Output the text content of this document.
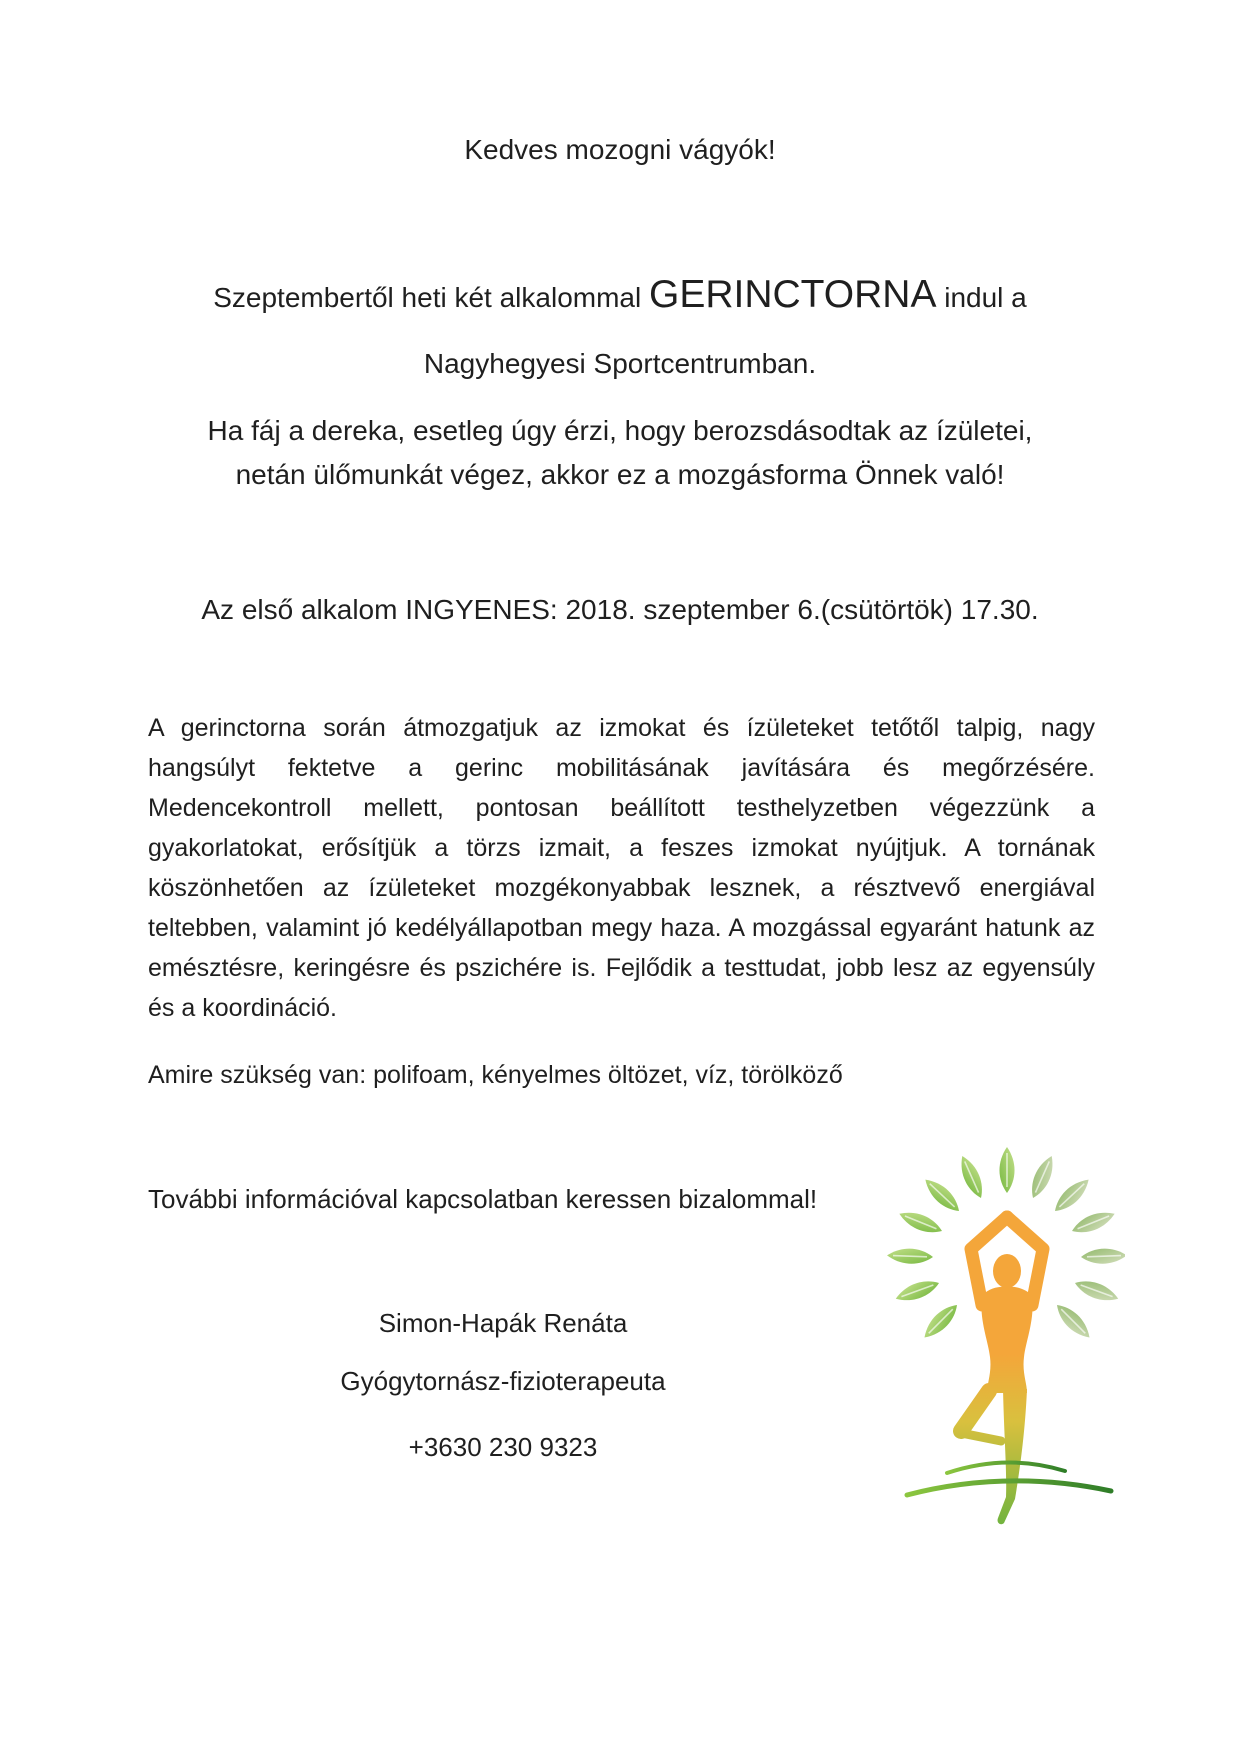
Kedves mozogni vágyók!
Szeptembertől heti két alkalommal GERINCTORNA indul a
Nagyhegyesi Sportcentrumban.
Ha fáj a dereka, esetleg úgy érzi, hogy berozsdásodtak az ízületei,
netán ülőmunkát végez, akkor ez a mozgásforma Önnek való!
Az első alkalom INGYENES: 2018. szeptember 6.(csütörtök) 17.30.
A gerinctorna során átmozgatjuk az izmokat és ízületeket tetőtől talpig, nagy hangsúlyt fektetve a gerinc mobilitásának javítására és megőrzésére. Medencekontroll mellett, pontosan beállított testhelyzetben végezzünk a gyakorlatokat, erősítjük a törzs izmait, a feszes izmokat nyújtjuk. A tornának köszönhetően az ízületeket mozgékonyabbak lesznek, a résztvevő energiával teltebben, valamint jó kedélyállapotban megy haza. A mozgással egyaránt hatunk az emésztésre, keringésre és pszichére is. Fejlődik a testtudat, jobb lesz az egyensúly és a koordináció.
Amire szükség van: polifoam, kényelmes öltözet, víz, törölköző
További információval kapcsolatban keressen bizalommal!
Simon-Hapák Renáta
Gyógytornász-fizioterapeuta
+3630 230 9323
